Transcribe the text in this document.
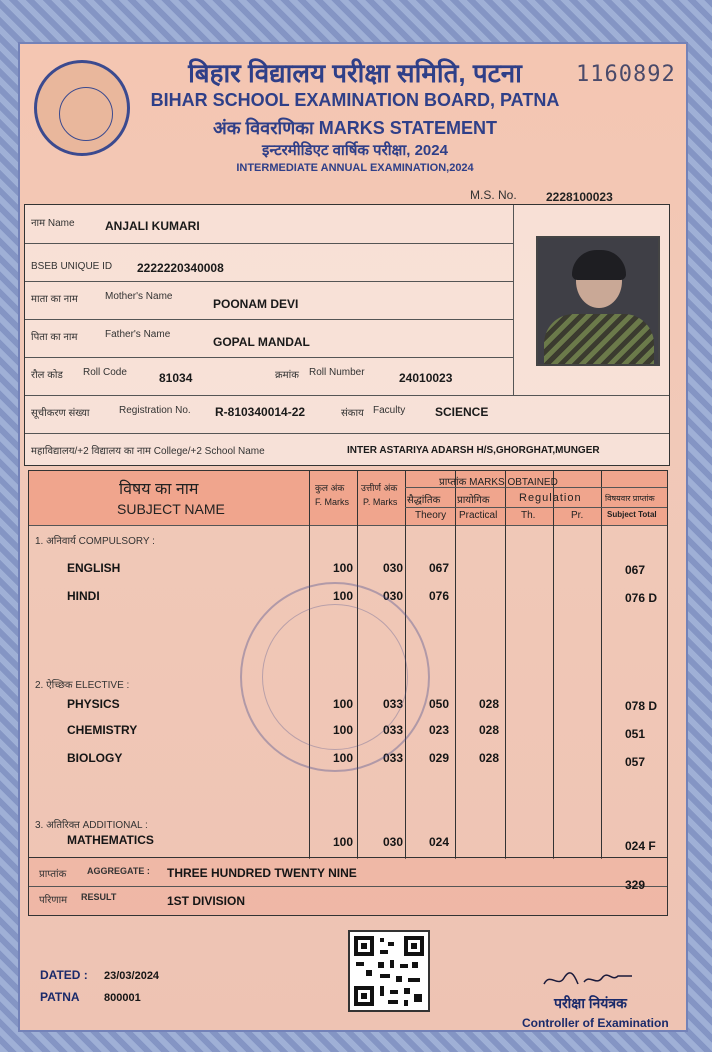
1160892
बिहार विद्यालय परीक्षा समिति, पटना
BIHAR SCHOOL EXAMINATION BOARD, PATNA
अंक विवरणिका MARKS STATEMENT
इन्टरमीडिएट वार्षिक परीक्षा, 2024
INTERMEDIATE ANNUAL EXAMINATION,2024
M.S. No. 2228100023
नाम Name	ANJALI KUMARI
BSEB UNIQUE ID 2222220340008
माता का नाम	Mother's Name
POONAM DEVI
पिता का नाम	Father's Name
GOPAL MANDAL
रौल कोड Roll Code	81034	क्रमांक Roll Number	24010023
सूचीकरण संख्या	Registration No. R-810340014-22	संकाय Faculty SCIENCE
महाविद्यालय/+2 विद्यालय का नाम College/+2 School Name	INTER ASTARIYA ADARSH H/S,GHORGHAT,MUNGER
विषय का नाम
SUBJECT NAME
कुल अंक
F. Marks
उत्तीर्ण अंक
P. Marks
प्राप्तांक MARKS OBTAINED
सैद्धांतिक
Theory
प्रायोगिक
Practical
Regulation
Th.	Pr.
विषयवार प्राप्तांक
Subject Total
1. अनिवार्य COMPULSORY :
2. ऐच्छिक ELECTIVE :
3. अतिरिक्त ADDITIONAL :
ENGLISH	100 030 067	067
HINDI	100 030 076	076 D
PHYSICS	100 033 050 028	078 D
CHEMISTRY	100 033 023 028	051
BIOLOGY	100 033 029 028	057
MATHEMATICS	100 030 024	024 F
प्राप्तांक AGGREGATE : THREE HUNDRED TWENTY NINE
329
परिणाम RESULT	1ST DIVISION
DATED : 23/03/2024
PATNA 800001	परीक्षा नियंत्रक
Controller of Examination
